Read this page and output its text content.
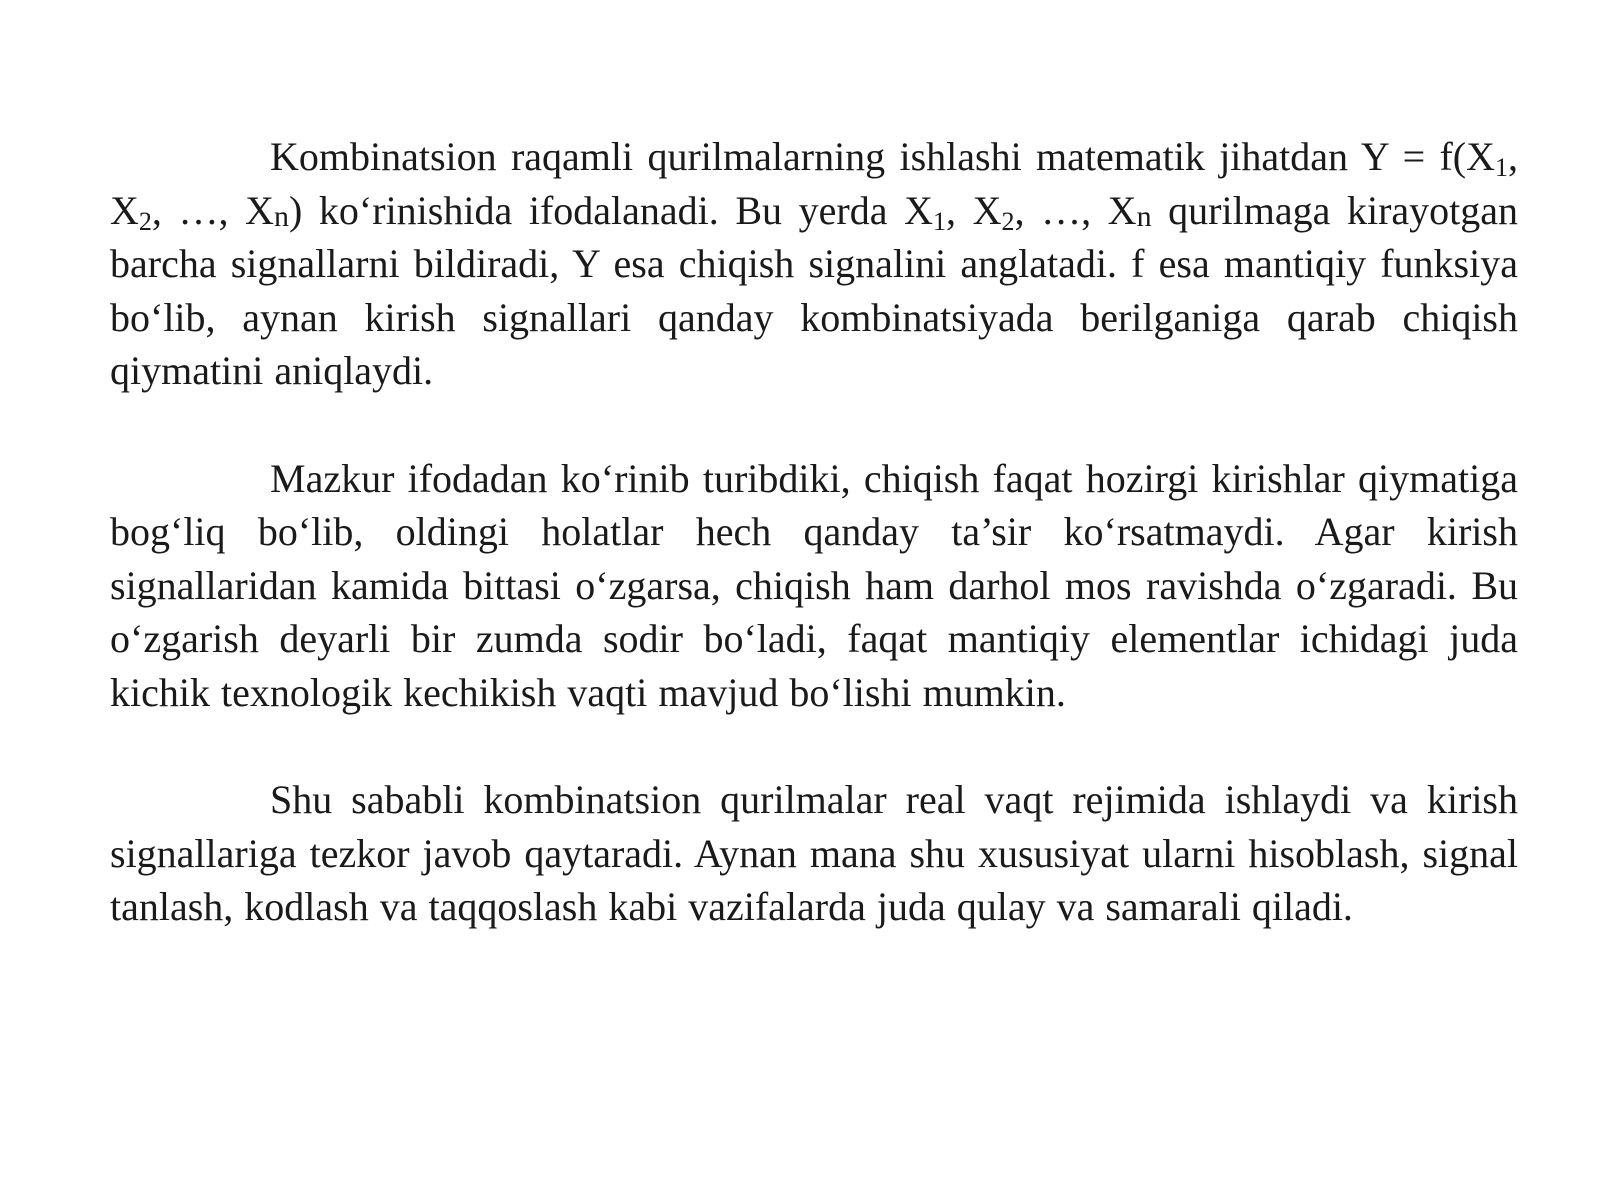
Kombinatsion raqamli qurilmalarning ishlashi matematik jihatdan $Y = f(X_1$, $X_2$, …, $X_n$) ko‘rinishida ifodalanadi. Bu yerda $X_1$, $X_2$, …, $X_n$ qurilmaga kirayotgan barcha signallarni bildiradi, Y esa chiqish signalini anglatadi. f esa mantiqiy funksiya bo‘lib, aynan kirish signallari qanday kombinatsiyada berilganiga qarab chiqish qiymatini aniqlaydi.

Mazkur ifodadan ko‘rinib turibdiki, chiqish faqat hozirgi kirishlar qiymatiga bog‘liq bo‘lib, oldingi holatlar hech qanday ta’sir ko‘rsatmaydi. Agar kirish signallaridan kamida bittasi o‘zgarsa, chiqish ham darhol mos ravishda o‘zgaradi. Bu o‘zgarish deyarli bir zumda sodir bo‘ladi, faqat mantiqiy elementlar ichidagi juda kichik texnologik kechikish vaqti mavjud bo‘lishi mumkin.

Shu sababli kombinatsion qurilmalar real vaqt rejimida ishlaydi va kirish signallariga tezkor javob qaytaradi. Aynan mana shu xususiyat ularni hisoblash, signal tanlash, kodlash va taqqoslash kabi vazifalarda juda qulay va samarali qiladi.
